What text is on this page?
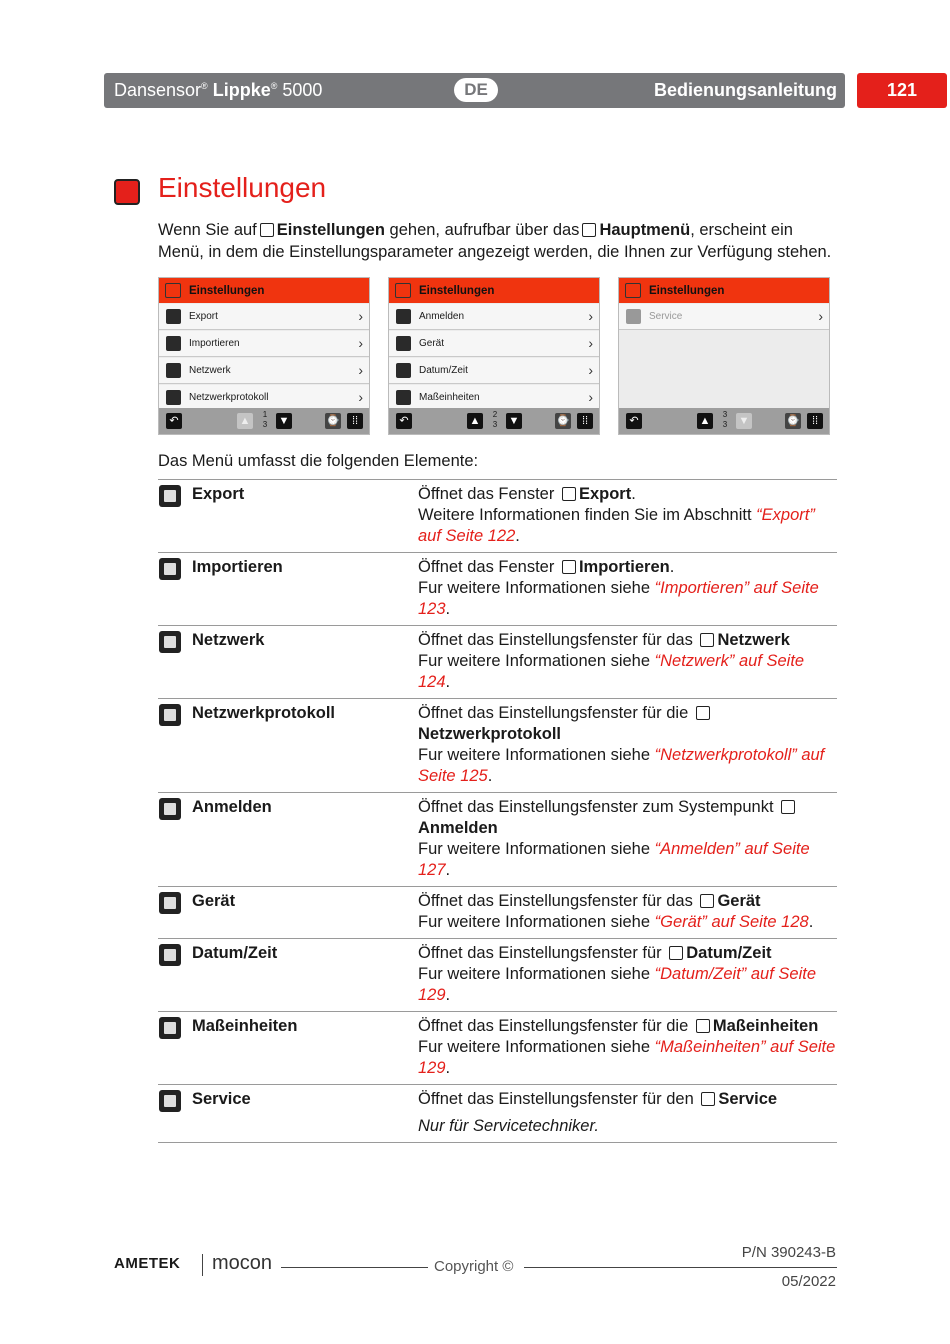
Dansensor® Lippke® 5000	DE	Bedienungsanleitung	121
Einstellungen
Wenn Sie auf Einstellungen gehen, aufrufbar über das Hauptmenü, erscheint ein Menü, in dem die Einstellungsparameter angezeigt werden, die Ihnen zur Verfügung stehen.
Einstellungen
Export	›
Importieren	›
Netzwerk	›
Netzwerkprotokoll	›
↶	▲
1
3	▼	⌚	⁞⁞
Einstellungen
Anmelden	›
Gerät	›
Datum/Zeit	›
Maßeinheiten	›
↶	▲
2
3	▼	⌚	⁞⁞
Einstellungen
Service	›
↶	▲
3
3	▼	⌚	⁞⁞
Das Menü umfasst die folgenden Elemente:
Export	Öffnet das Fenster Export.
Weitere Informationen finden Sie im Abschnitt “Export” auf Seite 122.

Importieren	Öffnet das Fenster Importieren.
Fur weitere Informationen siehe “Importieren” auf Seite 123.

Netzwerk	Öffnet das Einstellungsfenster für das Netzwerk
Fur weitere Informationen siehe “Netzwerk” auf Seite 124.

Netzwerkprotokoll	Öffnet das Einstellungsfenster für die Netzwerkprotokoll
Fur weitere Informationen siehe “Netzwerkprotokoll” auf Seite 125.

Anmelden	Öffnet das Einstellungsfenster zum Systempunkt Anmelden
Fur weitere Informationen siehe “Anmelden” auf Seite 127.

Gerät	Öffnet das Einstellungsfenster für das Gerät
Fur weitere Informationen siehe “Gerät” auf Seite 128.

Datum/Zeit	Öffnet das Einstellungsfenster für Datum/Zeit
Fur weitere Informationen siehe “Datum/Zeit” auf Seite 129.

Maßeinheiten	Öffnet das Einstellungsfenster für die Maßeinheiten
Fur weitere Informationen siehe “Maßeinheiten” auf Seite 129.

Service	Öffnet das Einstellungsfenster für den Service
Nur für Servicetechniker.
AMETEK mocon	Copyright ©
P/N 390243-B
05/2022
